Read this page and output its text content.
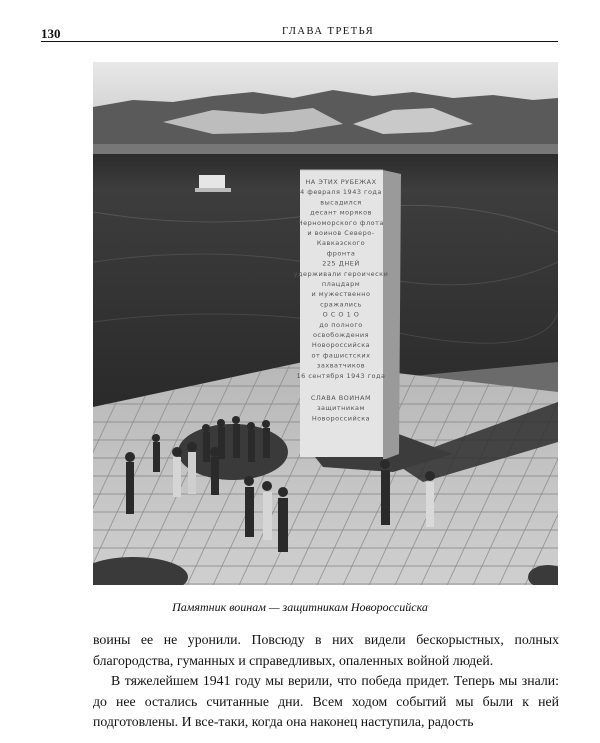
130	ГЛАВА ТРЕТЬЯ
НА ЭТИХ РУБЕЖАХ
4 февраля 1943 года
высадился
десант моряков
Черноморского флота
и воинов Северо-
Кавказского
фронта
225 ДНЕЙ
удерживали героически
плацдарм
и мужественно
сражались
О С О 1 О
до полного
освобождения
Новороссийска
от фашистских
захватчиков
16 сентября 1943 года
СЛАВА ВОИНАМ
защитникам
Новороссийска
Памятник воинам — защитникам Новороссийска

воины ее не уронили. Повсюду в них видели бескорыстных, полных благородства, гуманных и справедливых, опаленных войной людей.

В тяжелейшем 1941 году мы верили, что победа придет. Теперь мы знали: до нее остались считанные дни. Всем ходом событий мы были к ней подготовлены. И все-таки, когда она наконец наступила, радость
